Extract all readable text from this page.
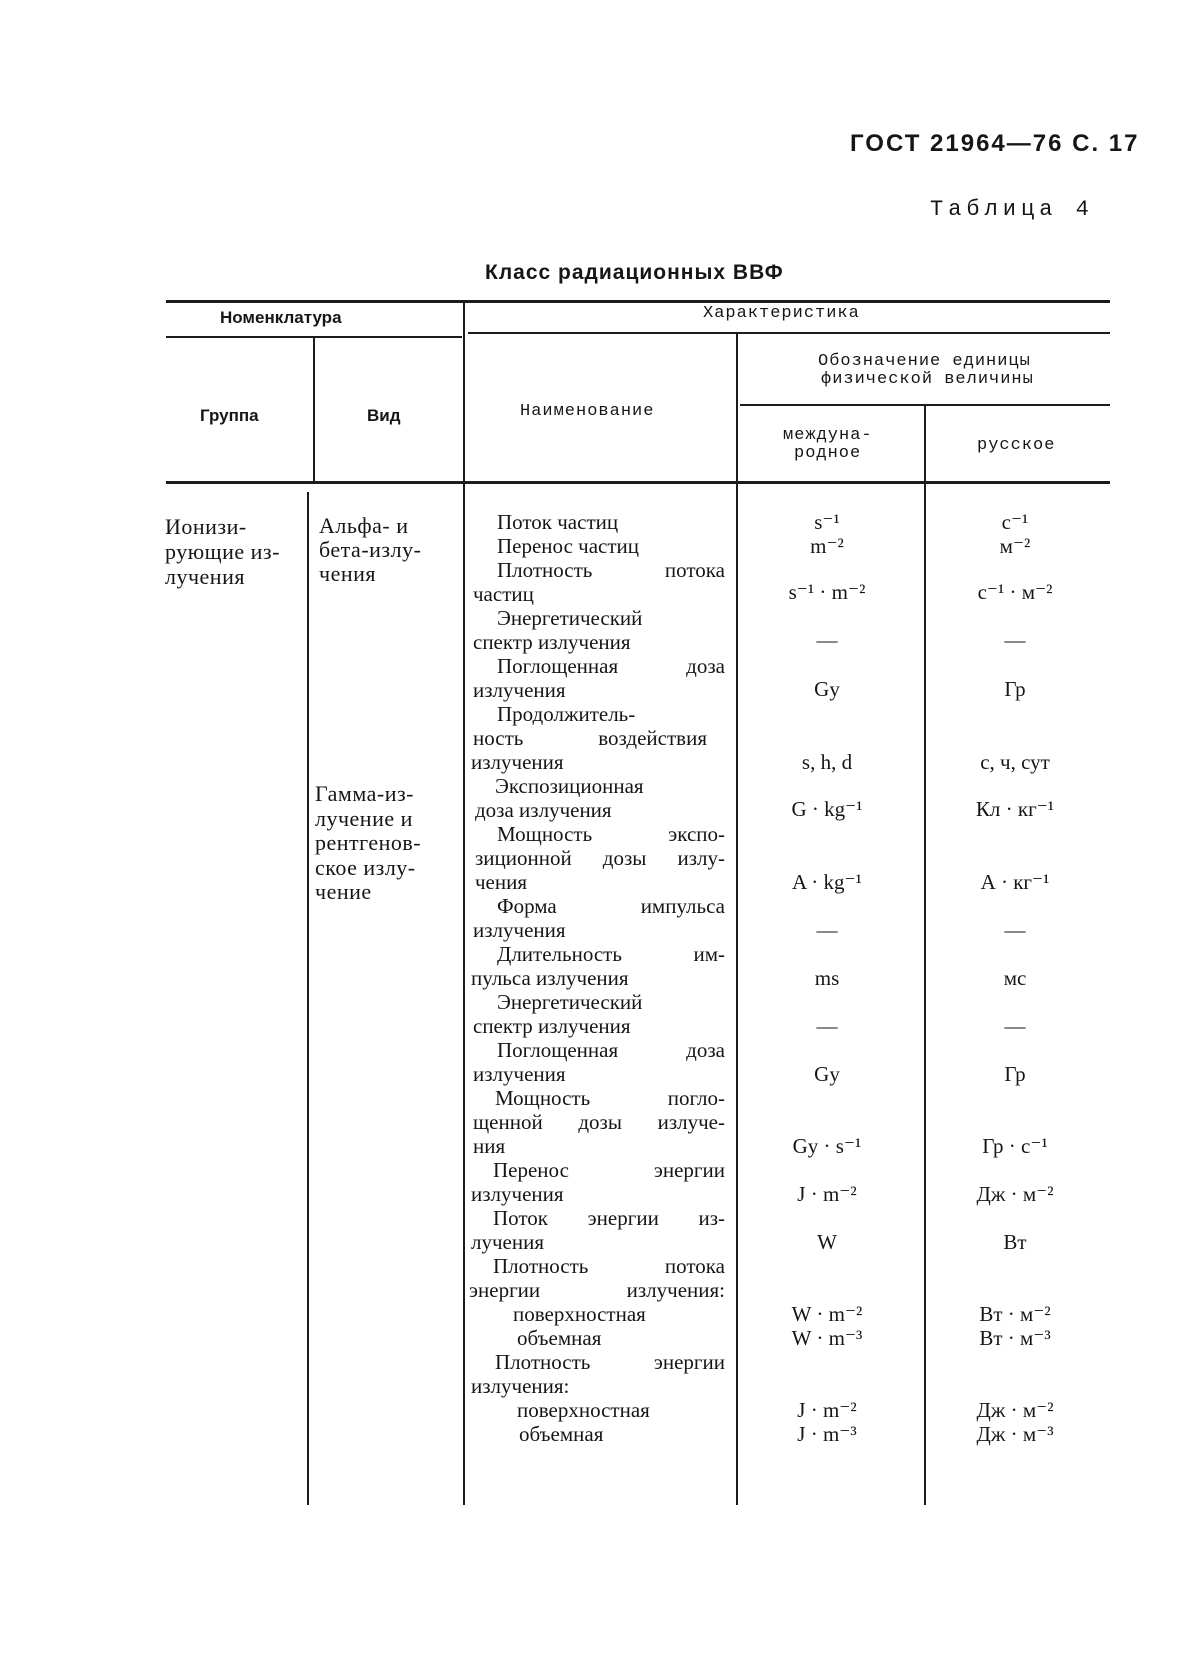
ГОСТ 21964—76 С. 17
Таблица 4
Класс радиационных ВВФ
Номенклатура	Характеристика
Группа	Вид	Наименование
Обозначение единицы
физической величины
междуна-
родное	русское
Ионизи-
рующие из-
лучения
Альфа- и
бета-излу-
чения
Гамма-из-
лучение и
рентгенов-
ское излу-
чение
Поток частиц	s⁻¹	с⁻¹
Перенос частиц	m⁻²	м⁻²
Плотность потока
частиц	s⁻¹ · m⁻²	с⁻¹ · м⁻²
Энергетический
спектр излучения	—	—
Поглощенная доза
излучения	Gy	Гр
Продолжитель-
ность воздействия
излучения	s, h, d	с, ч, сут
Экспозиционная
доза излучения	G · kg⁻¹	Кл · кг⁻¹
Мощность экспо-
зиционной дозы излу-
чения	A · kg⁻¹	А · кг⁻¹
Форма импульса
излучения	—	—
Длительность им-
пульса излучения	ms	мс
Энергетический
спектр излучения	—	—
Поглощенная доза
излучения	Gy	Гр
Мощность погло-
щенной дозы излуче-
ния	Gy · s⁻¹	Гр · с⁻¹
Перенос энергии
излучения	J · m⁻²	Дж · м⁻²
Поток энергии из-
лучения	W	Вт
Плотность потока
энергии излучения:
поверхностная	W · m⁻²	Вт · м⁻²
объемная	W · m⁻³	Вт · м⁻³
Плотность энергии
излучения:
поверхностная	J · m⁻²	Дж · м⁻²
объемная	J · m⁻³	Дж · м⁻³
